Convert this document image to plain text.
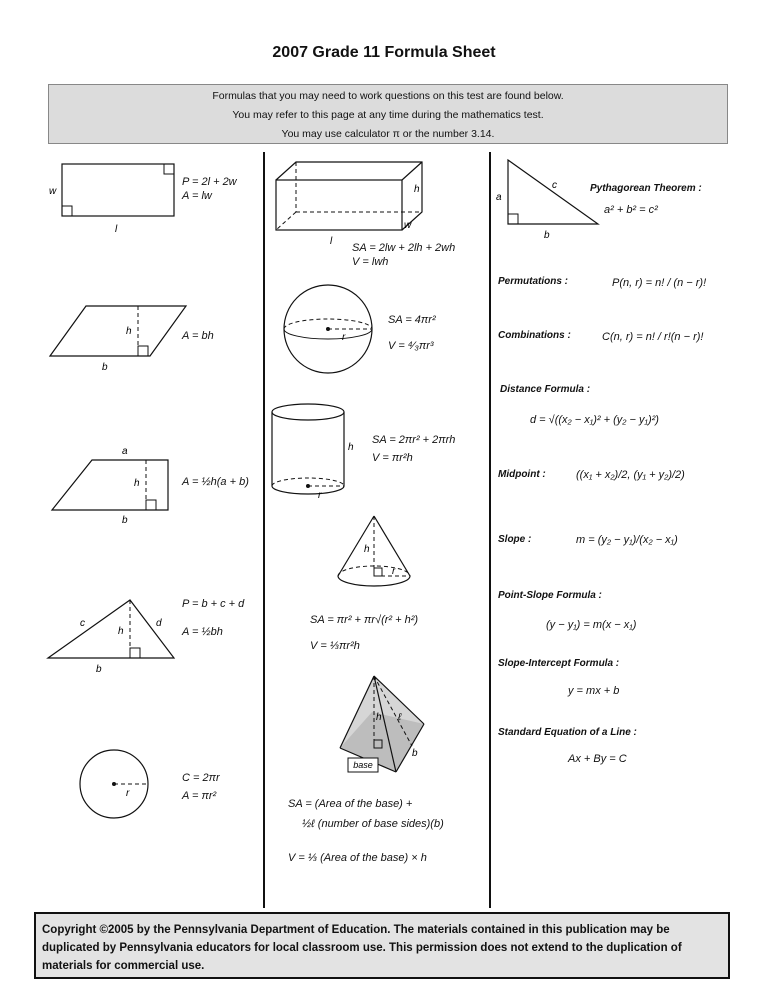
2007 Grade 11 Formula Sheet
Formulas that you may need to work questions on this test are found below.
You may refer to this page at any time during the mathematics test.
You may use calculator π or the number 3.14.
w
l
P = 2l + 2w
A = lw
h
b
A = bh
a
h
b
A = ½h(a + b)
c
h
d
b
P = b + c + d
A = ½bh
r
C = 2πr
A = πr²
h
w
l
SA = 2lw + 2lh + 2wh
V = lwh
r
SA = 4πr²
V = ⁴⁄₃πr³
h
r
SA = 2πr² + 2πrh
V = πr²h
h
r
SA = πr² + πr√(r² + h²)
V = ⅓πr²h
base
h ℓ
b
SA = (Area of the base) +
½ℓ (number of base sides)(b)
V = ⅓ (Area of the base) × h
a
c
b
Pythagorean Theorem :
a² + b² = c²
Permutations :	P(n, r) = n! / (n − r)!
Combinations :	C(n, r) = n! / r!(n − r)!
Distance Formula :
d = √((x₂ − x₁)² + (y₂ − y₁)²)
Midpoint :	((x₁ + x₂)/2, (y₁ + y₂)/2)
Slope :	m = (y₂ − y₁)/(x₂ − x₁)
Point-Slope Formula :
(y − y₁) = m(x − x₁)
Slope-Intercept Formula :
y = mx + b
Standard Equation of a Line :
Ax + By = C
Copyright ©2005 by the Pennsylvania Department of Education. The materials contained in this publication may be duplicated by Pennsylvania educators for local classroom use. This permission does not extend to the duplication of materials for commercial use.
